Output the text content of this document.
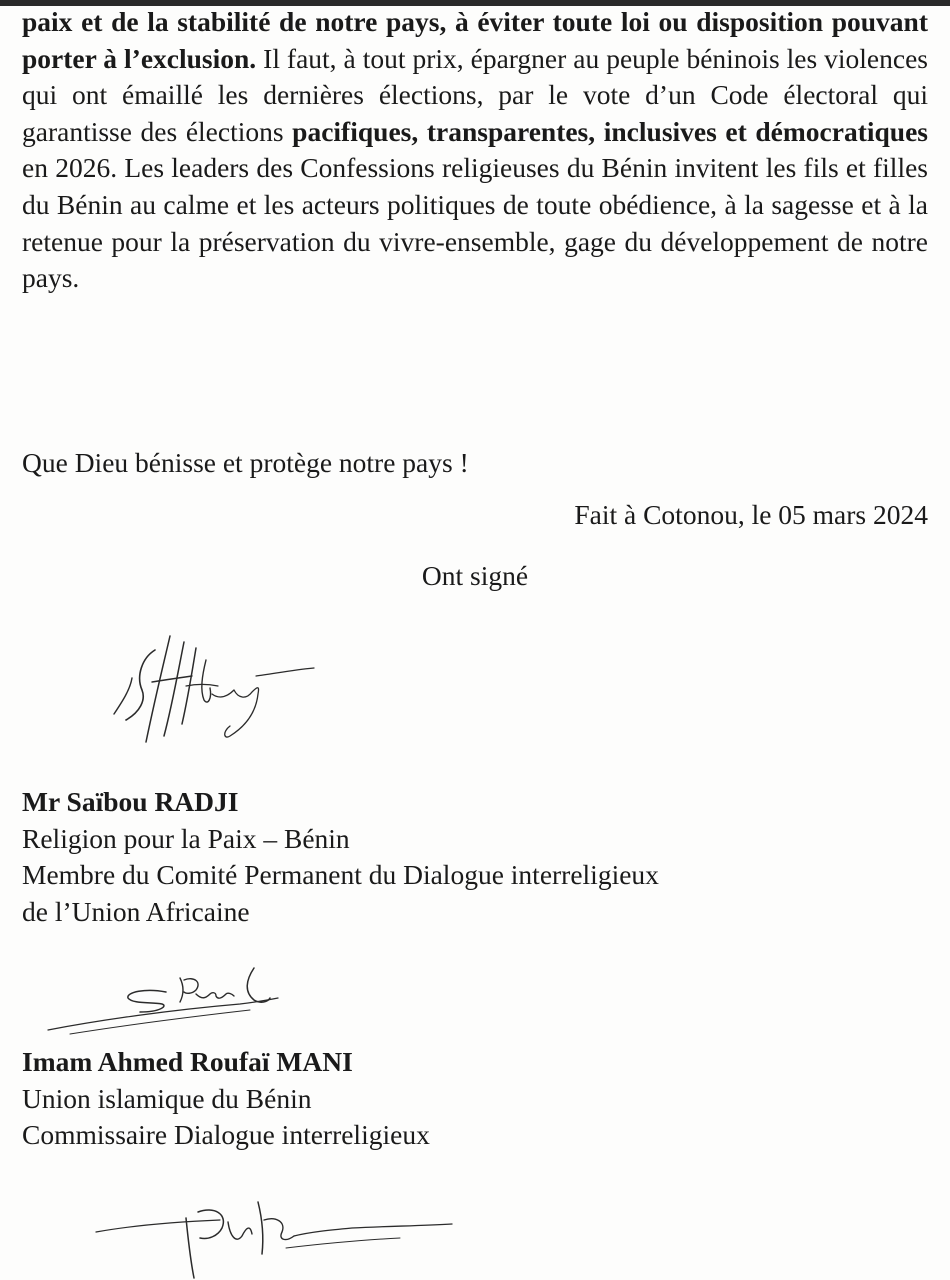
paix et de la stabilité de notre pays, à éviter toute loi ou disposition pouvant porter à l’exclusion. Il faut, à tout prix, épargner au peuple béninois les violences qui ont émaillé les dernières élections, par le vote d’un Code électoral qui garantisse des élections pacifiques, transparentes, inclusives et démocratiques en 2026. Les leaders des Confessions religieuses du Bénin invitent les fils et filles du Bénin au calme et les acteurs politiques de toute obédience, à la sagesse et à la retenue pour la préservation du vivre-ensemble, gage du développement de notre pays.

Que Dieu bénisse et protège notre pays !

Fait à Cotonou, le 05 mars 2024

Ont signé

Mr Saïbou RADJI
Religion pour la Paix – Bénin
Membre du Comité Permanent du Dialogue interreligieux
de l’Union Africaine
Imam Ahmed Roufaï MANI
Union islamique du Bénin
Commissaire Dialogue interreligieux
